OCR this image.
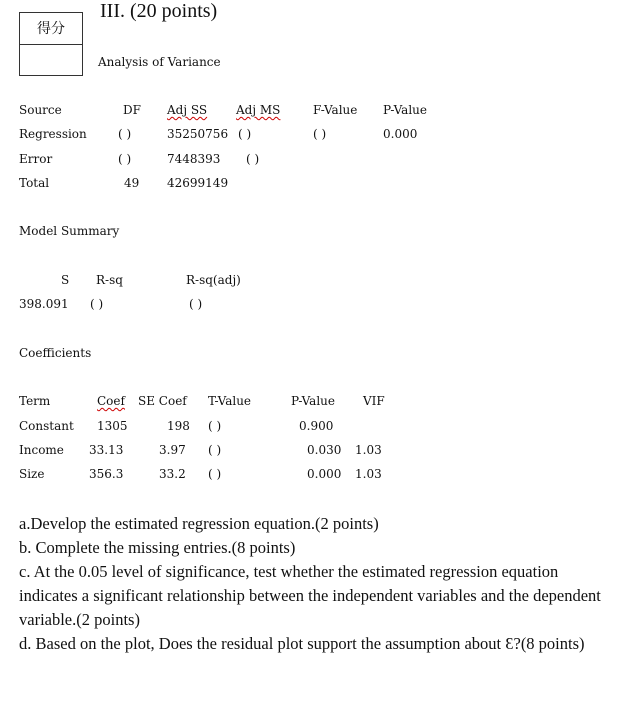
得分
III. (20 points)
Analysis of Variance
Source	DF Adj SS Adj MS	F-Value P-Value
Regression	( )	35250756 ( )	( )	0.000
Error	( )	7448393 ( )
Total	49 42699149
Model Summary
S R-sq	R-sq(adj)
398.091 ( )	( )
Coefficients
Term	Coef SE Coef T-Value	P-Value VIF
Constant 1305	198 ( )	0.900
Income 33.13	3.97 ( )	0.030 1.03
Size	356.3	33.2 ( )	0.000 1.03
a.Develop the estimated regression equation.(2 points)
b. Complete the missing entries.(8 points)
c. At the 0.05 level of significance, test whether the estimated regression equation indicates a significant relationship between the independent variables and the dependent variable.(2 points)
d. Based on the plot, Does the residual plot support the assumption about Ɛ?(8 points)
